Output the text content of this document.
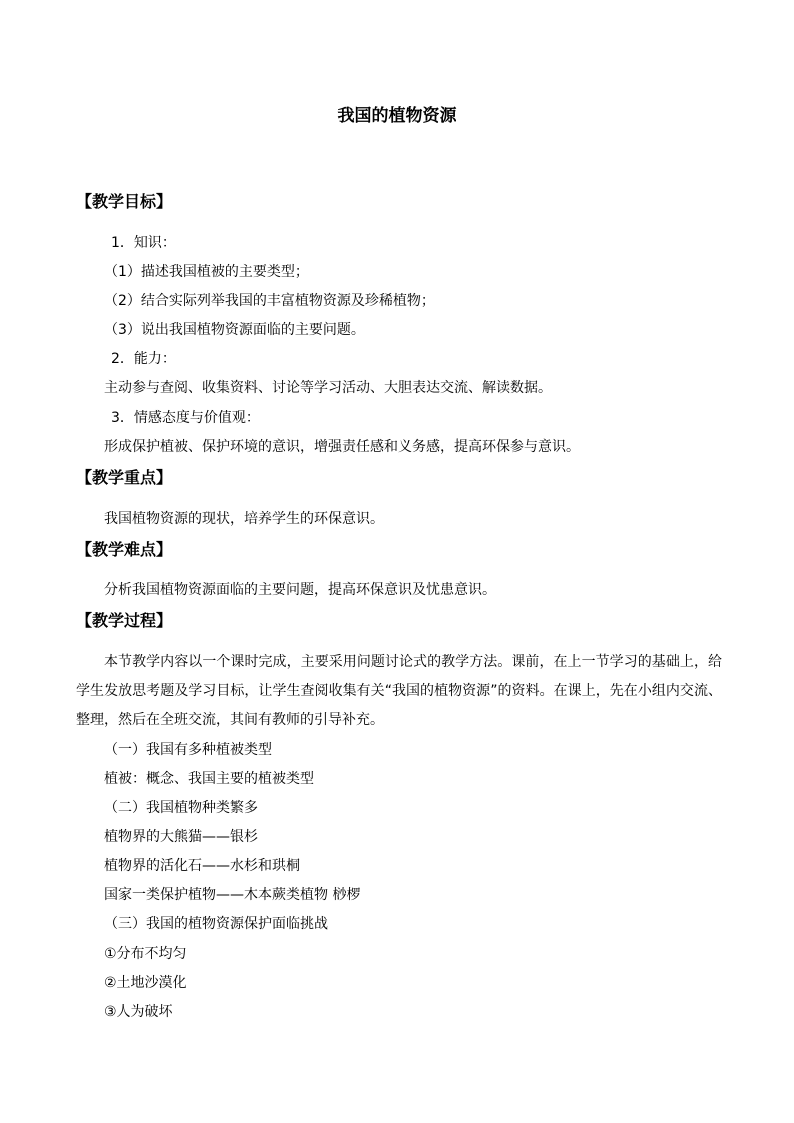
我国的植物资源
【教学目标】
1．知识：
（1）描述我国植被的主要类型；
（2）结合实际列举我国的丰富植物资源及珍稀植物；
（3）说出我国植物资源面临的主要问题。
2．能力：
主动参与查阅、收集资料、讨论等学习活动、大胆表达交流、解读数据。
3．情感态度与价值观：
形成保护植被、保护环境的意识，增强责任感和义务感，提高环保参与意识。
【教学重点】
我国植物资源的现状，培养学生的环保意识。
【教学难点】
分析我国植物资源面临的主要问题，提高环保意识及忧患意识。
【教学过程】
本节教学内容以一个课时完成，主要采用问题讨论式的教学方法。课前，在上一节学习的基础上，给学生发放思考题及学习目标，让学生查阅收集有关“我国的植物资源”的资料。在课上，先在小组内交流、整理，然后在全班交流，其间有教师的引导补充。
（一）我国有多种植被类型
植被：概念、我国主要的植被类型
（二）我国植物种类繁多
植物界的大熊猫——银杉
植物界的活化石——水杉和珙桐
国家一类保护植物——木本蕨类植物 桫椤
（三）我国的植物资源保护面临挑战
①分布不均匀
②土地沙漠化
③人为破坏
